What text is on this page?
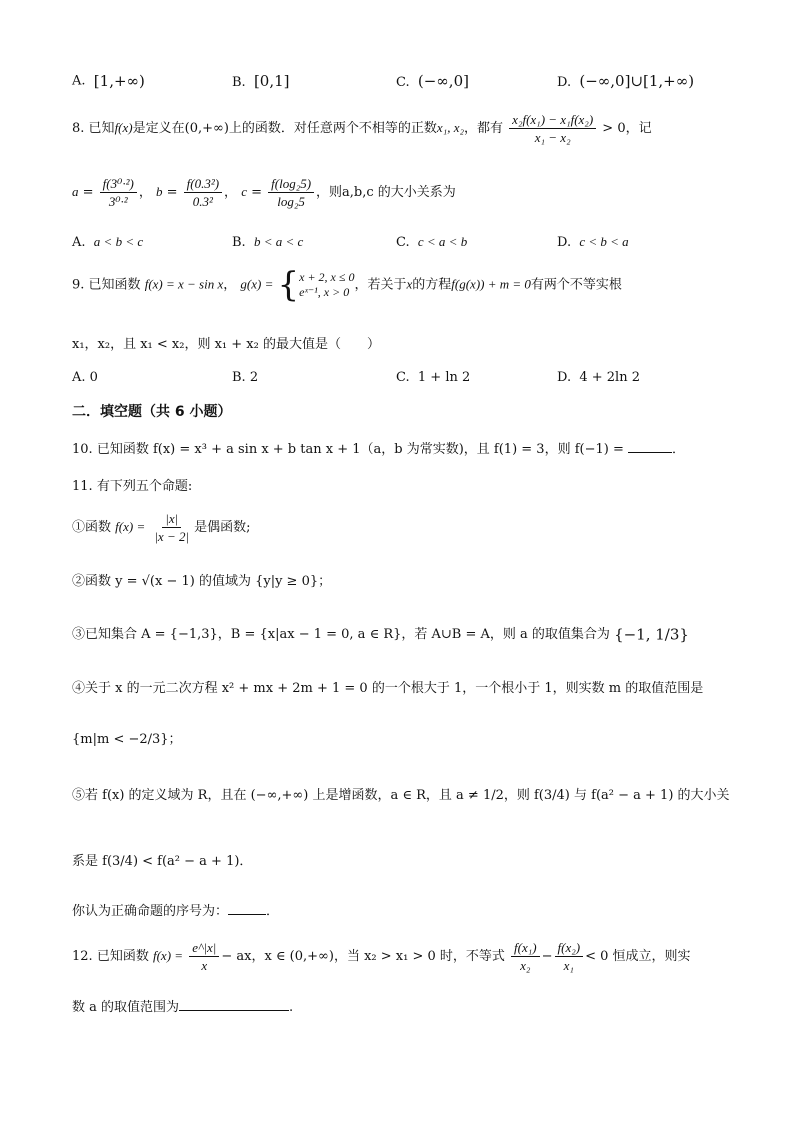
A. [1,+∞)	B. [0,1]	C. (−∞,0]	D. (−∞,0]∪[1,+∞)
8. 已知f(x)是定义在(0,+∞)上的函数．对任意两个不相等的正数x₁, x₂，都有 $\frac{\text{x₂f(x₁) − x₁f(x₂)}}{\text{x₁ − x₂}} > 0$，记
$a = \frac{\text{f(3⁰·²)}}{\text{3⁰·²}}$ ， $b = \frac{\text{f(0.3²)}}{\text{0.3²}}$ ， $c = \frac{\text{f(log₂5)}}{\text{log₂5}}$ ，则a,b,c 的大小关系为
A. a < b < c	B. b < a < c	C. c < a < b	D. c < b < a
9. 已知函数 f(x) = x − sin x， g(x) = { x + 2, x ≤ 0
eˣ⁻¹, x > 0 ，若关于x的方程f(g(x)) + m = 0有两个不等实根
x₁，x₂，且 x₁ < x₂，则 x₁ + x₂ 的最大值是（　　）
A. 0	B. 2	C. 1 + ln 2	D. 4 + 2ln 2
二．填空题（共 6 小题）
10. 已知函数 f(x) = x³ + a sin x + b tan x + 1（a，b 为常实数)，且 f(1) = 3，则 f(−1) =	．
11. 有下列五个命题:
①函数 $f(x) = \frac{|x|}{|x - 2|}$ 是偶函数;
②函数 y = √(x − 1) 的值域为 {y|y ≥ 0}；
③已知集合 A = {−1,3}，B = {x|ax − 1 = 0, a ∈ R}，若 A∪B = A，则 a 的取值集合为 {−1, 1/3}
④关于 x 的一元二次方程 x² + mx + 2m + 1 = 0 的一个根大于 1，一个根小于 1，则实数 m 的取值范围是
{m|m < −2/3}；
⑤若 f(x) 的定义域为 R，且在 (−∞,+∞) 上是增函数，a ∈ R，且 a ≠ 1/2，则 f(3/4) 与 f(a² − a + 1) 的大小关
系是 f(3/4) < f(a² − a + 1)．
你认为正确命题的序号为：	．
12. 已知函数 $f(x) = \frac{e\^{}|x|}{x}$ − ax，x ∈ (0,+∞)，当 x₂ > x₁ > 0 时，不等式 $\frac{\text{f(x₁)}}{\text{x₂}} - \frac{\text{f(x₂)}}{\text{x₁}} < 0$ 恒成立，则实
数 a 的取值范围为	.
